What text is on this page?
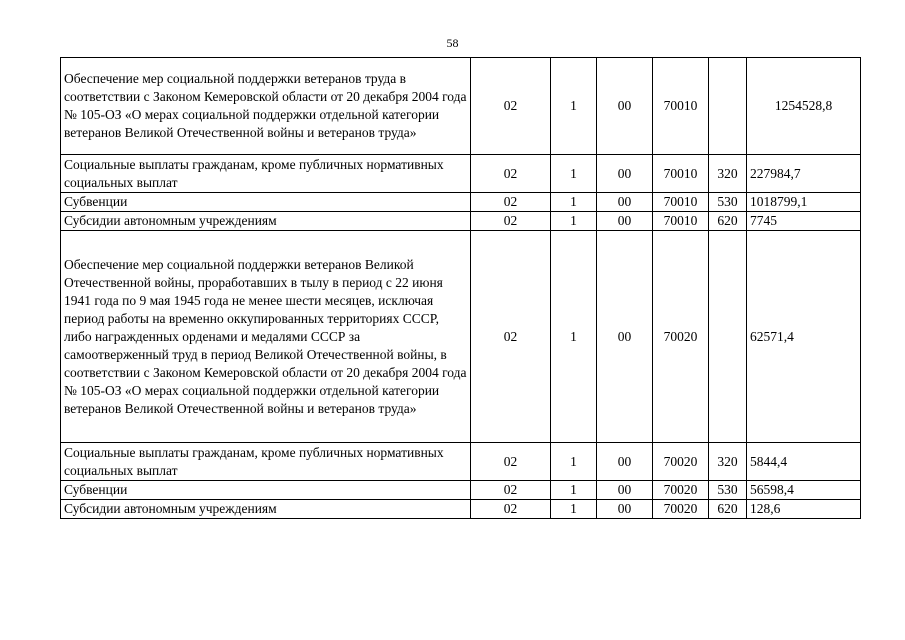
58
Обеспечение мер социальной поддержки ветеранов труда в соответствии с Законом Кемеровской области от 20 декабря 2004 года № 105-ОЗ «О мерах социальной поддержки отдельной категории ветеранов Великой Отечественной войны и ветеранов труда»	02	1	00	70010		1254528,8
Социальные выплаты гражданам, кроме публичных нормативных социальных выплат	02	1	00	70010	320	227984,7
Субвенции	02	1	00	70010	530	1018799,1
Субсидии автономным учреждениям	02	1	00	70010	620	7745
Обеспечение мер социальной поддержки ветеранов Великой Отечественной войны, проработавших в тылу в период с 22 июня 1941 года по 9 мая 1945 года не менее шести месяцев, исключая период работы на временно оккупированных территориях СССР, либо награжденных орденами и медалями СССР за самоотверженный труд в период Великой Отечественной войны, в соответствии с Законом Кемеровской области от 20 декабря 2004 года № 105-ОЗ «О мерах социальной поддержки отдельной категории ветеранов Великой Отечественной войны и ветеранов труда»	02	1	00	70020		62571,4
Социальные выплаты гражданам, кроме публичных нормативных социальных выплат	02	1	00	70020	320	5844,4
Субвенции	02	1	00	70020	530	56598,4
Субсидии автономным учреждениям	02	1	00	70020	620	128,6
